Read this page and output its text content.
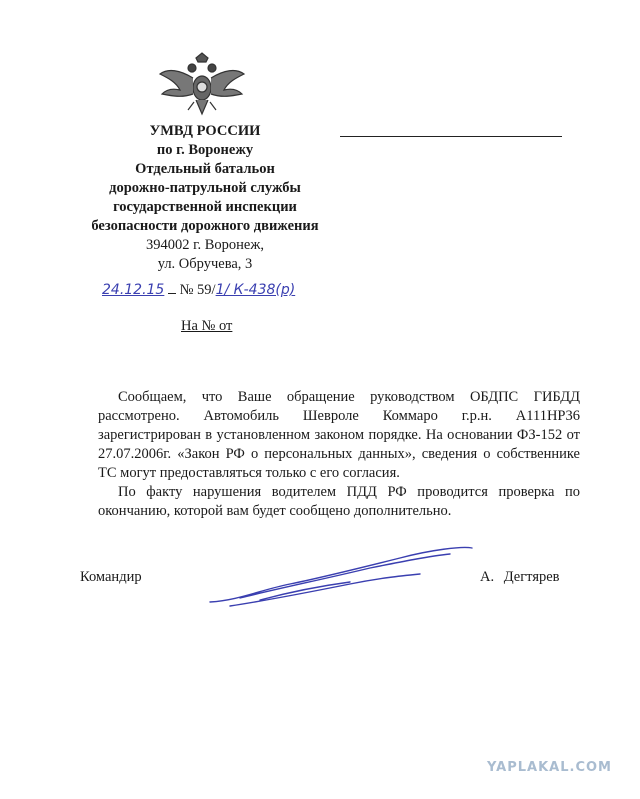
УМВД РОССИИ
по г. Воронежу
Отдельный батальон
дорожно-патрульной службы
государственной инспекции
безопасности дорожного движения
394002 г. Воронеж,
ул. Обручева, 3
24.12.15 № 59/1/ К-438(р)
На № от

Сообщаем, что Ваше обращение руководством ОБДПС ГИБДД рассмотрено. Автомобиль Шевроле Коммаро г.р.н. А111НР36 зарегистрирован в установленном законом порядке. На основании ФЗ-152 от 27.07.2006г. «Закон РФ о персональных данных», сведения о собственнике ТС могут предоставляться только с его согласия.

По факту нарушения водителем ПДД РФ проводится проверка по окончанию, которой вам будет сообщено дополнительно.

Командир	А. Дегтярев
YAPLAKAL.COM
